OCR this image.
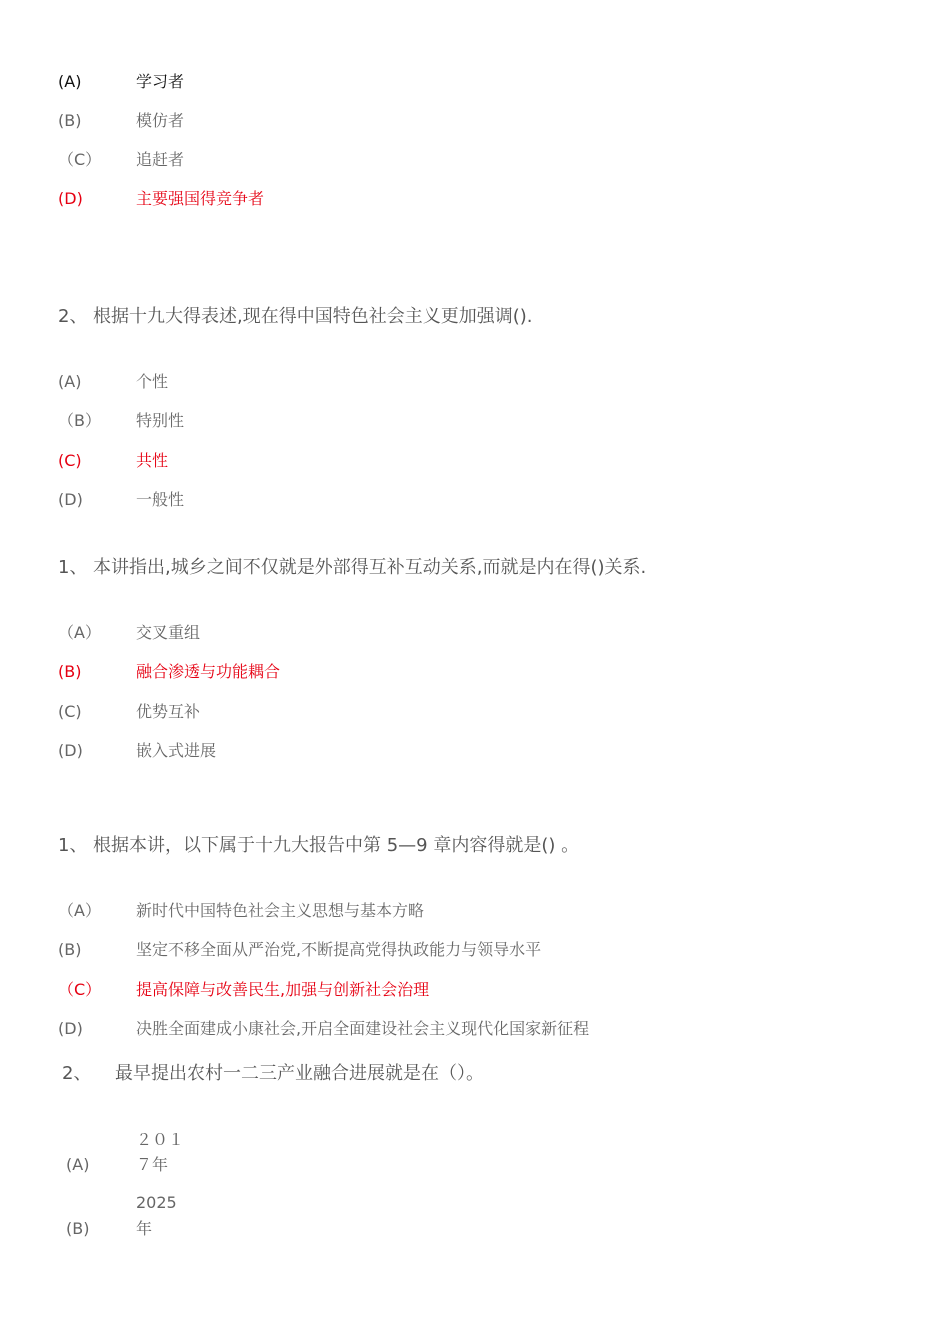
(A)	学习者
(B)	模仿者
（C） 追赶者
(D)	主要强国得竞争者
2、 根据十九大得表述,现在得中国特色社会主义更加强调().
(A)	个性
（B） 特别性
(C)	共性
(D)	一般性
1、 本讲指出,城乡之间不仅就是外部得互补互动关系,而就是内在得()关系.
（A） 交叉重组
(B)	融合渗透与功能耦合
(C)	优势互补
(D)	嵌入式进展
1、 根据本讲，以下属于十九大报告中第 5—9 章内容得就是() 。
（A） 新时代中国特色社会主义思想与基本方略
(B)	坚定不移全面从严治党,不断提高党得执政能力与领导水平
（C） 提高保障与改善民生,加强与创新社会治理
(D)	决胜全面建成小康社会,开启全面建设社会主义现代化国家新征程
2、 最早提出农村一二三产业融合进展就是在（）。
２０１
(A)	７年
2025
(B)	年
